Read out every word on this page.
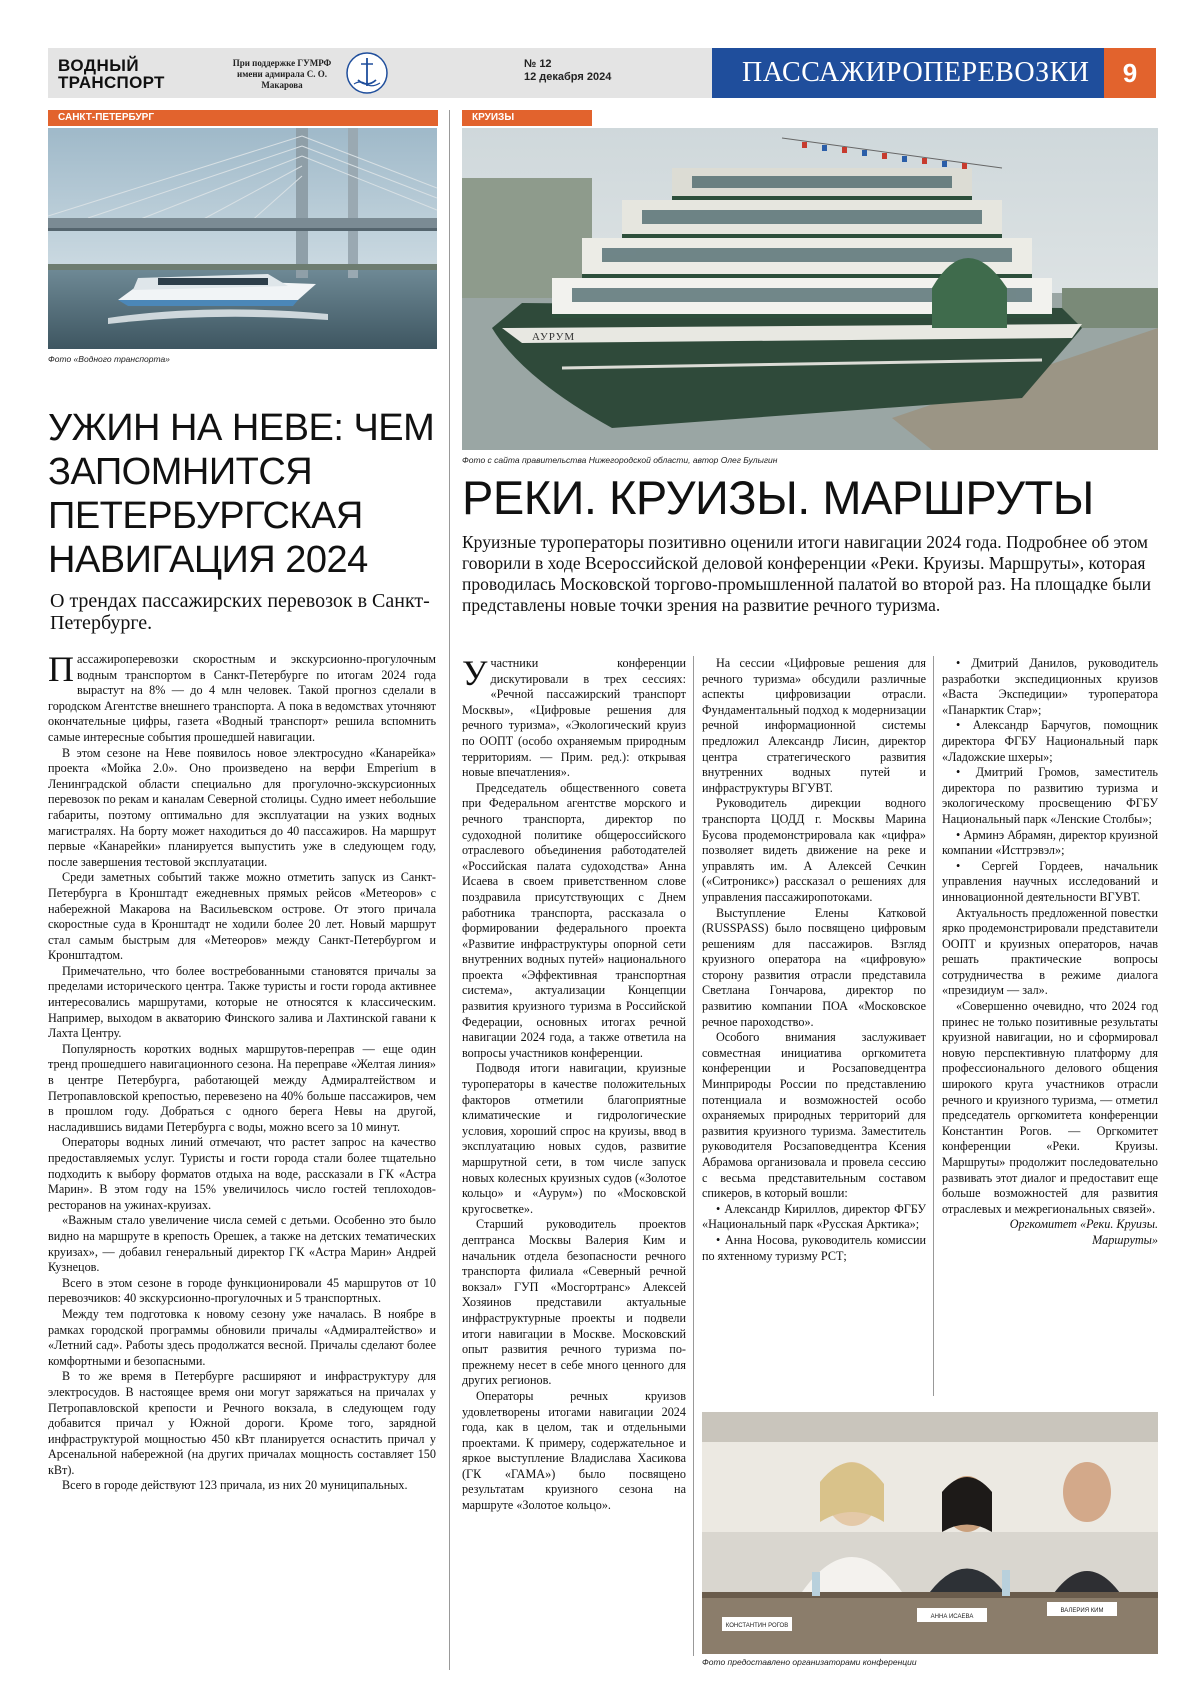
ВОДНЫЙ
ТРАНСПОРТ
При поддержке ГУМРФ имени адмирала С. О. Макарова
№ 12
12 декабря 2024	ПАССАЖИРОПЕРЕВОЗКИ	9
САНКТ-ПЕТЕРБУРГ
Фото «Водного транспорта»
УЖИН НА НЕВЕ: ЧЕМ ЗАПОМНИТСЯ ПЕТЕРБУРГСКАЯ НАВИГАЦИЯ 2024
О трендах пассажирских перевозок в Санкт-Петербурге.

Пассажироперевозки скоростным и экскурсионно-прогулочным водным транспортом в Санкт-Петербурге по итогам 2024 года вырастут на 8% — до 4 млн человек. Такой прогноз сделали в городском Агентстве внешнего транспорта. А пока в ведомствах уточняют окончательные цифры, газета «Водный транспорт» решила вспомнить самые интересные события прошедшей навигации.

В этом сезоне на Неве появилось новое электросудно «Канарейка» проекта «Мойка 2.0». Оно произведено на верфи Emperium в Ленинградской области специально для прогулочно-экскурсионных перевозок по рекам и каналам Северной столицы. Судно имеет небольшие габариты, поэтому оптимально для эксплуатации на узких водных магистралях. На борту может находиться до 40 пассажиров. На маршрут первые «Канарейки» планируется выпустить уже в следующем году, после завершения тестовой эксплуатации.

Среди заметных событий также можно отметить запуск из Санкт-Петербурга в Кронштадт ежедневных прямых рейсов «Метеоров» с набережной Макарова на Васильевском острове. От этого причала скоростные суда в Кронштадт не ходили более 20 лет. Новый маршрут стал самым быстрым для «Метеоров» между Санкт-Петербургом и Кронштадтом.

Примечательно, что более востребованными становятся причалы за пределами исторического центра. Также туристы и гости города активнее интересовались маршрутами, которые не относятся к классическим. Например, выходом в акваторию Финского залива и Лахтинской гавани к Лахта Центру.

Популярность коротких водных маршрутов-переправ — еще один тренд прошедшего навигационного сезона. На переправе «Желтая линия» в центре Петербурга, работающей между Адмиралтейством и Петропавловской крепостью, перевезено на 40% больше пассажиров, чем в прошлом году. Добраться с одного берега Невы на другой, насладившись видами Петербурга с воды, можно всего за 10 минут.

Операторы водных линий отмечают, что растет запрос на качество предоставляемых услуг. Туристы и гости города стали более тщательно подходить к выбору форматов отдыха на воде, рассказали в ГК «Астра Марин». В этом году на 15% увеличилось число гостей теплоходов-ресторанов на ужинах-круизах.

«Важным стало увеличение числа семей с детьми. Особенно это было видно на маршруте в крепость Орешек, а также на детских тематических круизах», — добавил генеральный директор ГК «Астра Марин» Андрей Кузнецов.

Всего в этом сезоне в городе функционировали 45 маршрутов от 10 перевозчиков: 40 экскурсионно-прогулочных и 5 транспортных.

Между тем подготовка к новому сезону уже началась. В ноябре в рамках городской программы обновили причалы «Адмиралтейство» и «Летний сад». Работы здесь продолжатся весной. Причалы сделают более комфортными и безопасными.

В то же время в Петербурге расширяют и инфраструктуру для электросудов. В настоящее время они могут заряжаться на причалах у Петропавловской крепости и Речного вокзала, в следующем году добавится причал у Южной дороги. Кроме того, зарядной инфраструктурой мощностью 450 кВт планируется оснастить причал у Арсенальной набережной (на других причалах мощность составляет 150 кВт).

Всего в городе действуют 123 причала, из них 20 муниципальных.

КРУИЗЫ
АУРУМ
Фото с сайта правительства Нижегородской области, автор Олег Булыгин
РЕКИ. КРУИЗЫ. МАРШРУТЫ
Круизные туроператоры позитивно оценили итоги навигации 2024 года. Подробнее об этом говорили в ходе Всероссийской деловой конференции «Реки. Круизы. Маршруты», которая проводилась Московской торгово-промышленной палатой во второй раз. На площадке были представлены новые точки зрения на развитие речного туризма.

Участники конференции дискутировали в трех сессиях: «Речной пассажирский транспорт Москвы», «Цифровые решения для речного туризма», «Экологический круиз по ООПТ (особо охраняемым природным территориям. — Прим. ред.): открывая новые впечатления».

Председатель общественного совета при Федеральном агентстве морского и речного транспорта, директор по судоходной политике общероссийского отраслевого объединения работодателей «Российская палата судоходства» Анна Исаева в своем приветственном слове поздравила присутствующих с Днем работника транспорта, рассказала о формировании федерального проекта «Развитие инфраструктуры опорной сети внутренних водных путей» национального проекта «Эффективная транспортная система», актуализации Концепции развития круизного туризма в Российской Федерации, основных итогах речной навигации 2024 года, а также ответила на вопросы участников конференции.

Подводя итоги навигации, круизные туроператоры в качестве положительных факторов отметили благоприятные климатические и гидрологические условия, хороший спрос на круизы, ввод в эксплуатацию новых судов, развитие маршрутной сети, в том числе запуск новых колесных круизных судов («Золотое кольцо» и «Аурум») по «Московской кругосветке».

Старший руководитель проектов дептранса Москвы Валерия Ким и начальник отдела безопасности речного транспорта филиала «Северный речной вокзал» ГУП «Мосгортранс» Алексей Хозяинов представили актуальные инфраструктурные проекты и подвели итоги навигации в Москве. Московский опыт развития речного туризма по-прежнему несет в себе много ценного для других регионов.

Операторы речных круизов удовлетворены итогами навигации 2024 года, как в целом, так и отдельными проектами. К примеру, содержательное и яркое выступление Владислава Хасикова (ГК «ГАМА») было посвящено результатам круизного сезона на маршруте «Золотое кольцо».

На сессии «Цифровые решения для речного туризма» обсудили различные аспекты цифровизации отрасли. Фундаментальный подход к модернизации речной информационной системы предложил Александр Лисин, директор центра стратегического развития внутренних водных путей и инфраструктуры ВГУВТ.

Руководитель дирекции водного транспорта ЦОДД г. Москвы Марина Бусова продемонстрировала как «цифра» позволяет видеть движение на реке и управлять им. А Алексей Сечкин («Ситроникс») рассказал о решениях для управления пассажиропотоками.

Выступление Елены Катковой (RUSSPASS) было посвящено цифровым решениям для пассажиров. Взгляд круизного оператора на «цифровую» сторону развития отрасли представила Светлана Гончарова, директор по развитию компании ПОА «Московское речное пароходство».

Особого внимания заслуживает совместная инициатива оргкомитета конференции и Росзаповедцентра Минприроды России по представлению потенциала и возможностей особо охраняемых природных территорий для развития круизного туризма. Заместитель руководителя Росзаповедцентра Ксения Абрамова организовала и провела сессию с весьма представительным составом спикеров, в который вошли:

• Александр Кириллов, директор ФГБУ «Национальный парк «Русская Арктика»;

• Анна Носова, руководитель комиссии по яхтенному туризму РСТ;

• Дмитрий Данилов, руководитель разработки экспедиционных круизов «Васта Экспедиции» туроператора «Панарктик Стар»;

• Александр Барчугов, помощник директора ФГБУ Национальный парк «Ладожские шхеры»;

• Дмитрий Громов, заместитель директора по развитию туризма и экологическому просвещению ФГБУ Национальный парк «Ленские Столбы»;

• Арминэ Абрамян, директор круизной компании «Исттрэвэл»;

• Сергей Гордеев, начальник управления научных исследований и инновационной деятельности ВГУВТ.

Актуальность предложенной повестки ярко продемонстрировали представители ООПТ и круизных операторов, начав решать практические вопросы сотрудничества в режиме диалога «президиум — зал».

«Совершенно очевидно, что 2024 год принес не только позитивные результаты круизной навигации, но и сформировал новую перспективную платформу для профессионального делового общения широкого круга участников отрасли речного и круизного туризма, — отметил председатель оргкомитета конференции Константин Рогов. — Оргкомитет конференции «Реки. Круизы. Маршруты» продолжит последовательно развивать этот диалог и предоставит еще больше возможностей для развития отраслевых и межрегиональных связей».

Оргкомитет «Реки. Круизы. Маршруты»

КОНСТАНТИН РОГОВ
АННА ИСАЕВА
ВАЛЕРИЯ КИМ
Фото предоставлено организаторами конференции
